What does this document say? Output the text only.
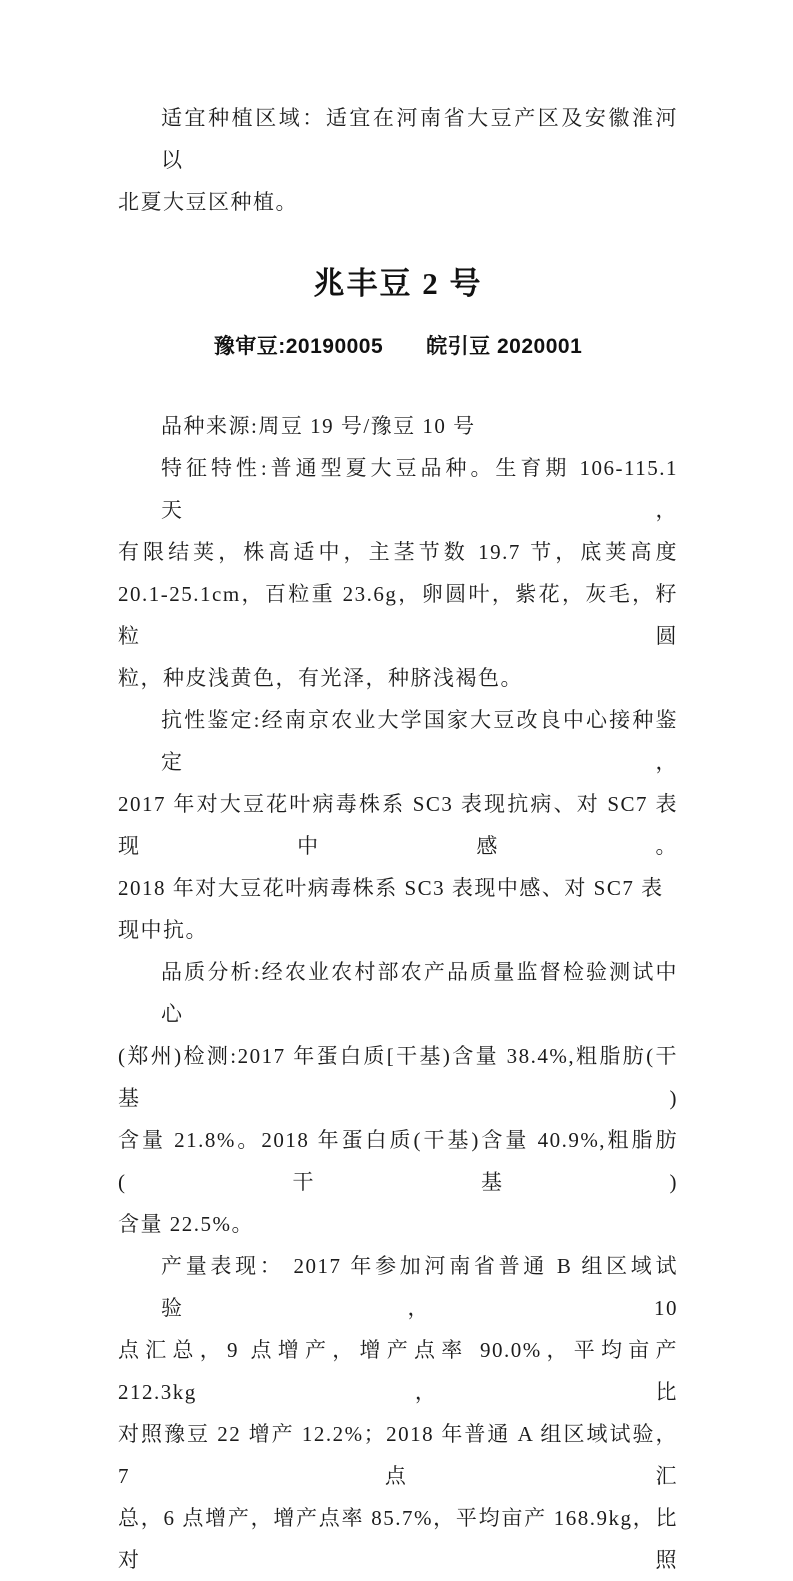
适宜种植区域：适宜在河南省大豆产区及安徽淮河以
北夏大豆区种植。
兆丰豆 2 号
豫审豆:20190005　　皖引豆 2020001
品种来源:周豆 19 号/豫豆 10 号
特征特性:普通型夏大豆品种。生育期 106-115.1 天，
有限结荚，株高适中，主茎节数 19.7 节，底荚高度
20.1-25.1cm，百粒重 23.6g，卵圆叶，紫花，灰毛，籽粒圆
粒，种皮浅黄色，有光泽，种脐浅褐色。
抗性鉴定:经南京农业大学国家大豆改良中心接种鉴定，
2017 年对大豆花叶病毒株系 SC3 表现抗病、对 SC7 表现中感。
2018 年对大豆花叶病毒株系 SC3 表现中感、对 SC7 表现中抗。
品质分析:经农业农村部农产品质量监督检验测试中心
(郑州)检测:2017 年蛋白质[干基)含量 38.4%,粗脂肪(干基)
含量 21.8%。2018 年蛋白质(干基)含量 40.9%,粗脂肪(干基)
含量 22.5%。
产量表现： 2017 年参加河南省普通 B 组区域试验，10
点汇总，9 点增产，增产点率 90.0%，平均亩产 212.3kg，比
对照豫豆 22 增产 12.2%；2018 年普通 A 组区域试验，7 点汇
总，6 点增产，增产点率 85.7%，平均亩产 168.9kg，比对照
